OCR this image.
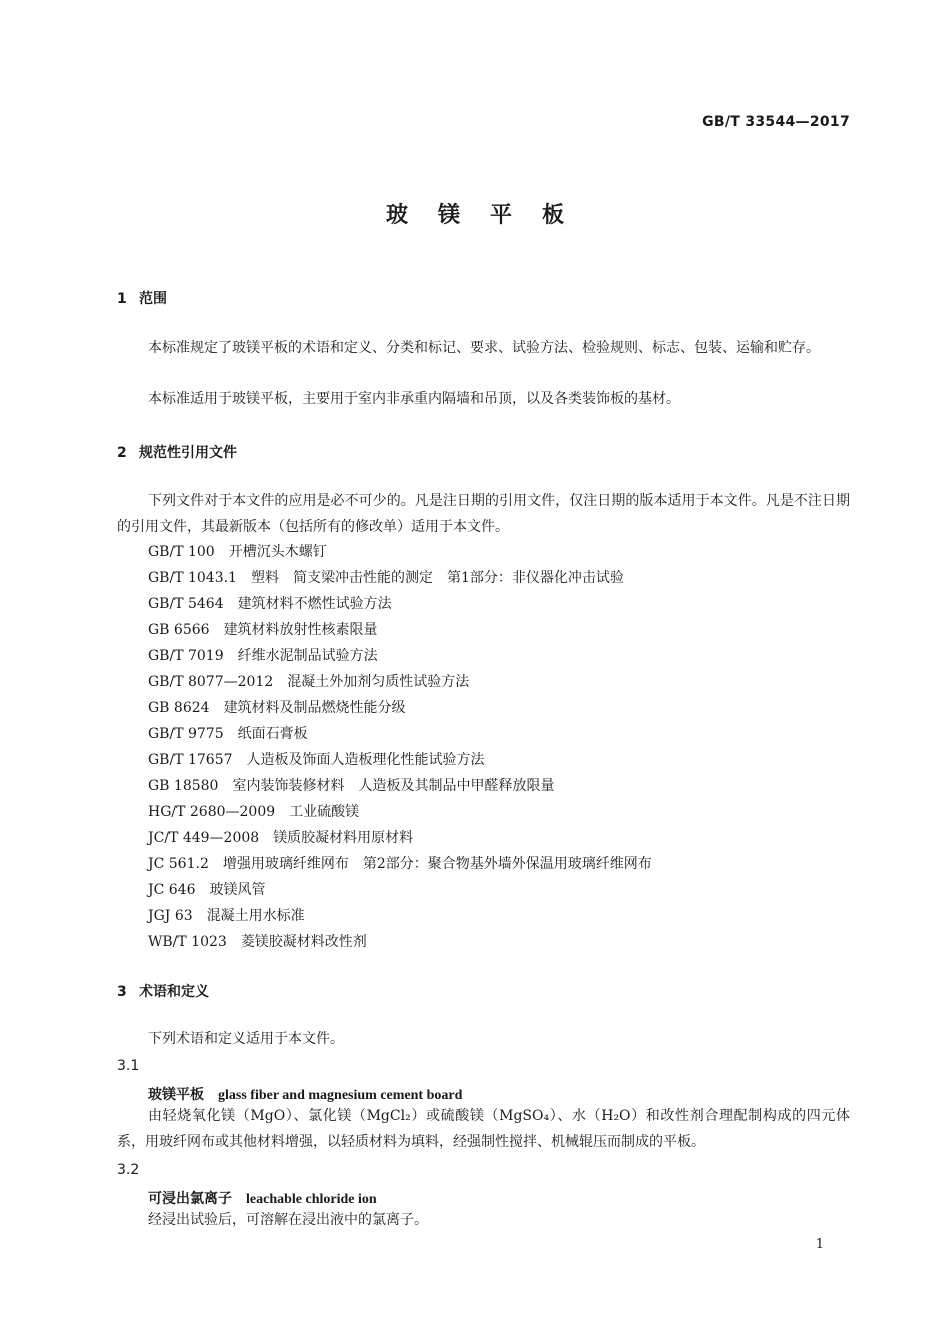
GB/T 33544—2017
玻镁平板
1 范围
本标准规定了玻镁平板的术语和定义、分类和标记、要求、试验方法、检验规则、标志、包装、运输和贮存。
本标准适用于玻镁平板，主要用于室内非承重内隔墙和吊顶，以及各类装饰板的基材。
2 规范性引用文件
下列文件对于本文件的应用是必不可少的。凡是注日期的引用文件，仅注日期的版本适用于本文件。凡是不注日期的引用文件，其最新版本（包括所有的修改单）适用于本文件。
GB/T 100 开槽沉头木螺钉
GB/T 1043.1 塑料　简支梁冲击性能的测定　第1部分：非仪器化冲击试验
GB/T 5464 建筑材料不燃性试验方法
GB 6566 建筑材料放射性核素限量
GB/T 7019 纤维水泥制品试验方法
GB/T 8077—2012 混凝土外加剂匀质性试验方法
GB 8624 建筑材料及制品燃烧性能分级
GB/T 9775 纸面石膏板
GB/T 17657 人造板及饰面人造板理化性能试验方法
GB 18580 室内装饰装修材料　人造板及其制品中甲醛释放限量
HG/T 2680—2009 工业硫酸镁
JC/T 449—2008 镁质胶凝材料用原材料
JC 561.2 增强用玻璃纤维网布　第2部分：聚合物基外墙外保温用玻璃纤维网布
JC 646 玻镁风管
JGJ 63 混凝土用水标准
WB/T 1023 菱镁胶凝材料改性剂
3 术语和定义
下列术语和定义适用于本文件。
3.1
玻镁平板 glass fiber and magnesium cement board
由轻烧氧化镁（MgO）、氯化镁（MgCl₂）或硫酸镁（MgSO₄）、水（H₂O）和改性剂合理配制构成的四元体系，用玻纤网布或其他材料增强，以轻质材料为填料，经强制性搅拌、机械辊压而制成的平板。
3.2
可浸出氯离子 leachable chloride ion
经浸出试验后，可溶解在浸出液中的氯离子。
1
